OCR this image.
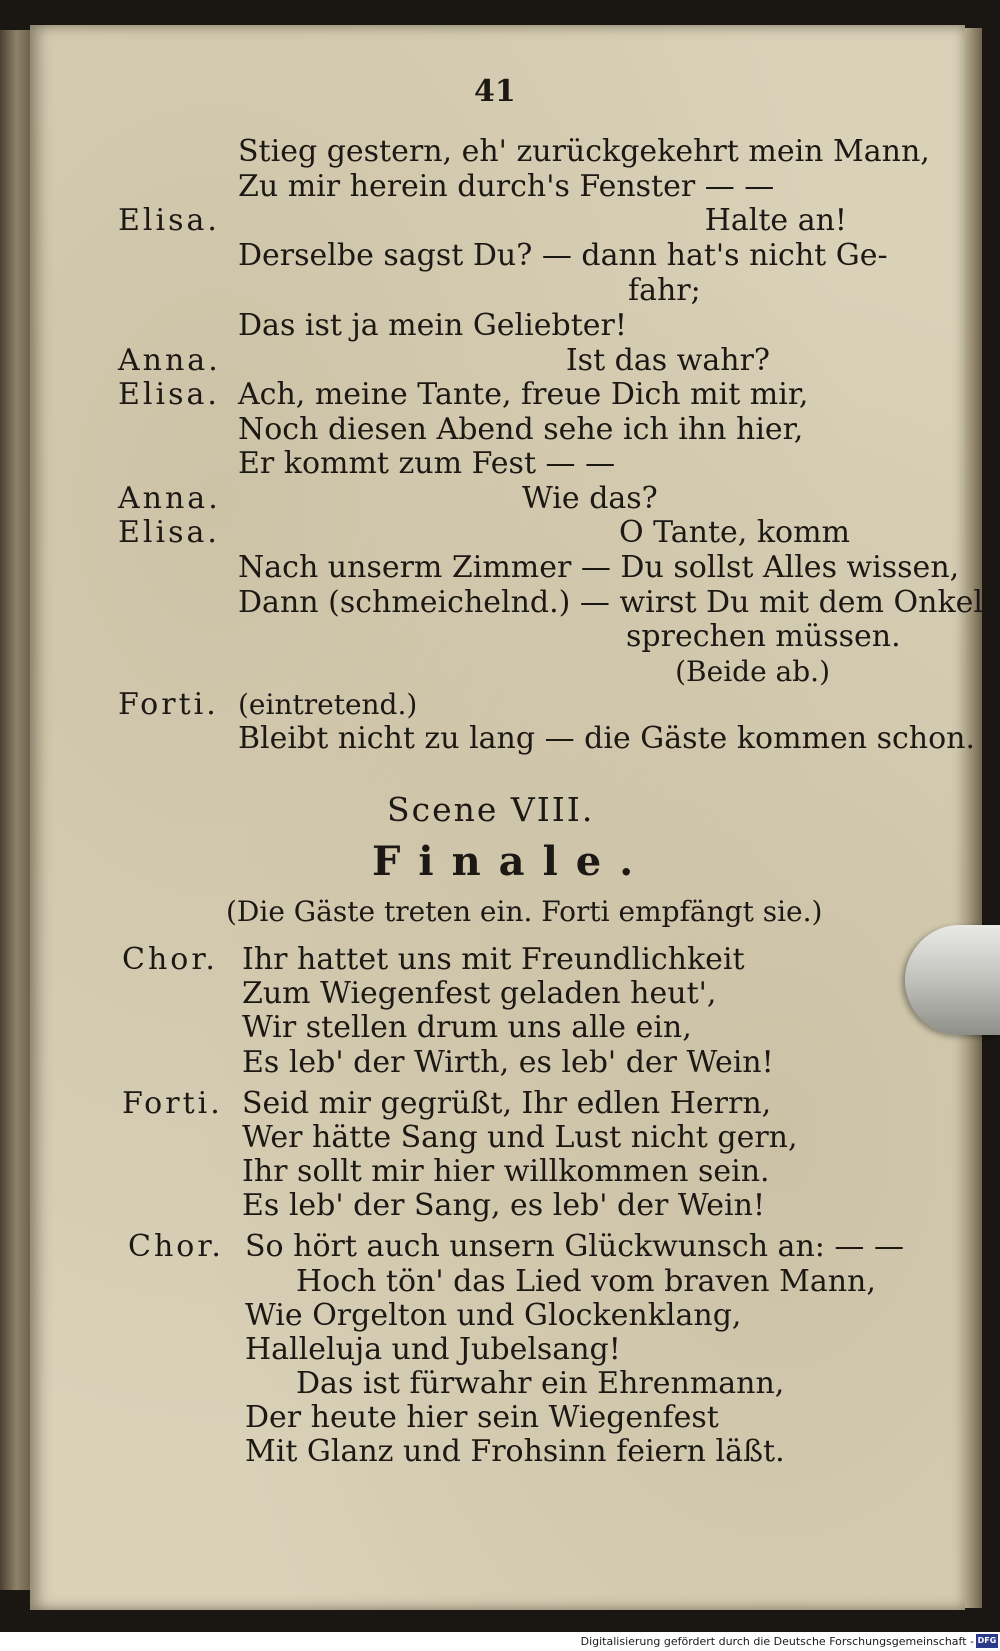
41

Stieg gestern, eh' zurückgekehrt mein Mann,

Zu mir herein durch's Fenster — —

Elisa.	Halte an!

Derselbe sagst Du? — dann hat's nicht Ge-

fahr;

Das ist ja mein Geliebter!

Anna.	Ist das wahr?

Elisa. Ach, meine Tante, freue Dich mit mir,

Noch diesen Abend sehe ich ihn hier,

Er kommt zum Fest — —

Anna.	Wie das?

Elisa.	O Tante, komm

Nach unserm Zimmer — Du sollst Alles wissen,

Dann (schmeichelnd.) — wirst Du mit dem Onkel

sprechen müssen.

(Beide ab.)

Forti. (eintretend.)

Bleibt nicht zu lang — die Gäste kommen schon.

Scene VIII.

Finale.

(Die Gäste treten ein. Forti empfängt sie.)

Chor. Ihr hattet uns mit Freundlichkeit

Zum Wiegenfest geladen heut',

Wir stellen drum uns alle ein,

Es leb' der Wirth, es leb' der Wein!

Forti. Seid mir gegrüßt, Ihr edlen Herrn,

Wer hätte Sang und Lust nicht gern,

Ihr sollt mir hier willkommen sein.

Es leb' der Sang, es leb' der Wein!

Chor. So hört auch unsern Glückwunsch an: — —

Hoch tön' das Lied vom braven Mann,

Wie Orgelton und Glockenklang,

Halleluja und Jubelsang!

Das ist fürwahr ein Ehrenmann,

Der heute hier sein Wiegenfest

Mit Glanz und Frohsinn feiern läßt.

Digitalisierung gefördert durch die Deutsche Forschungsgemeinschaft - DFG
